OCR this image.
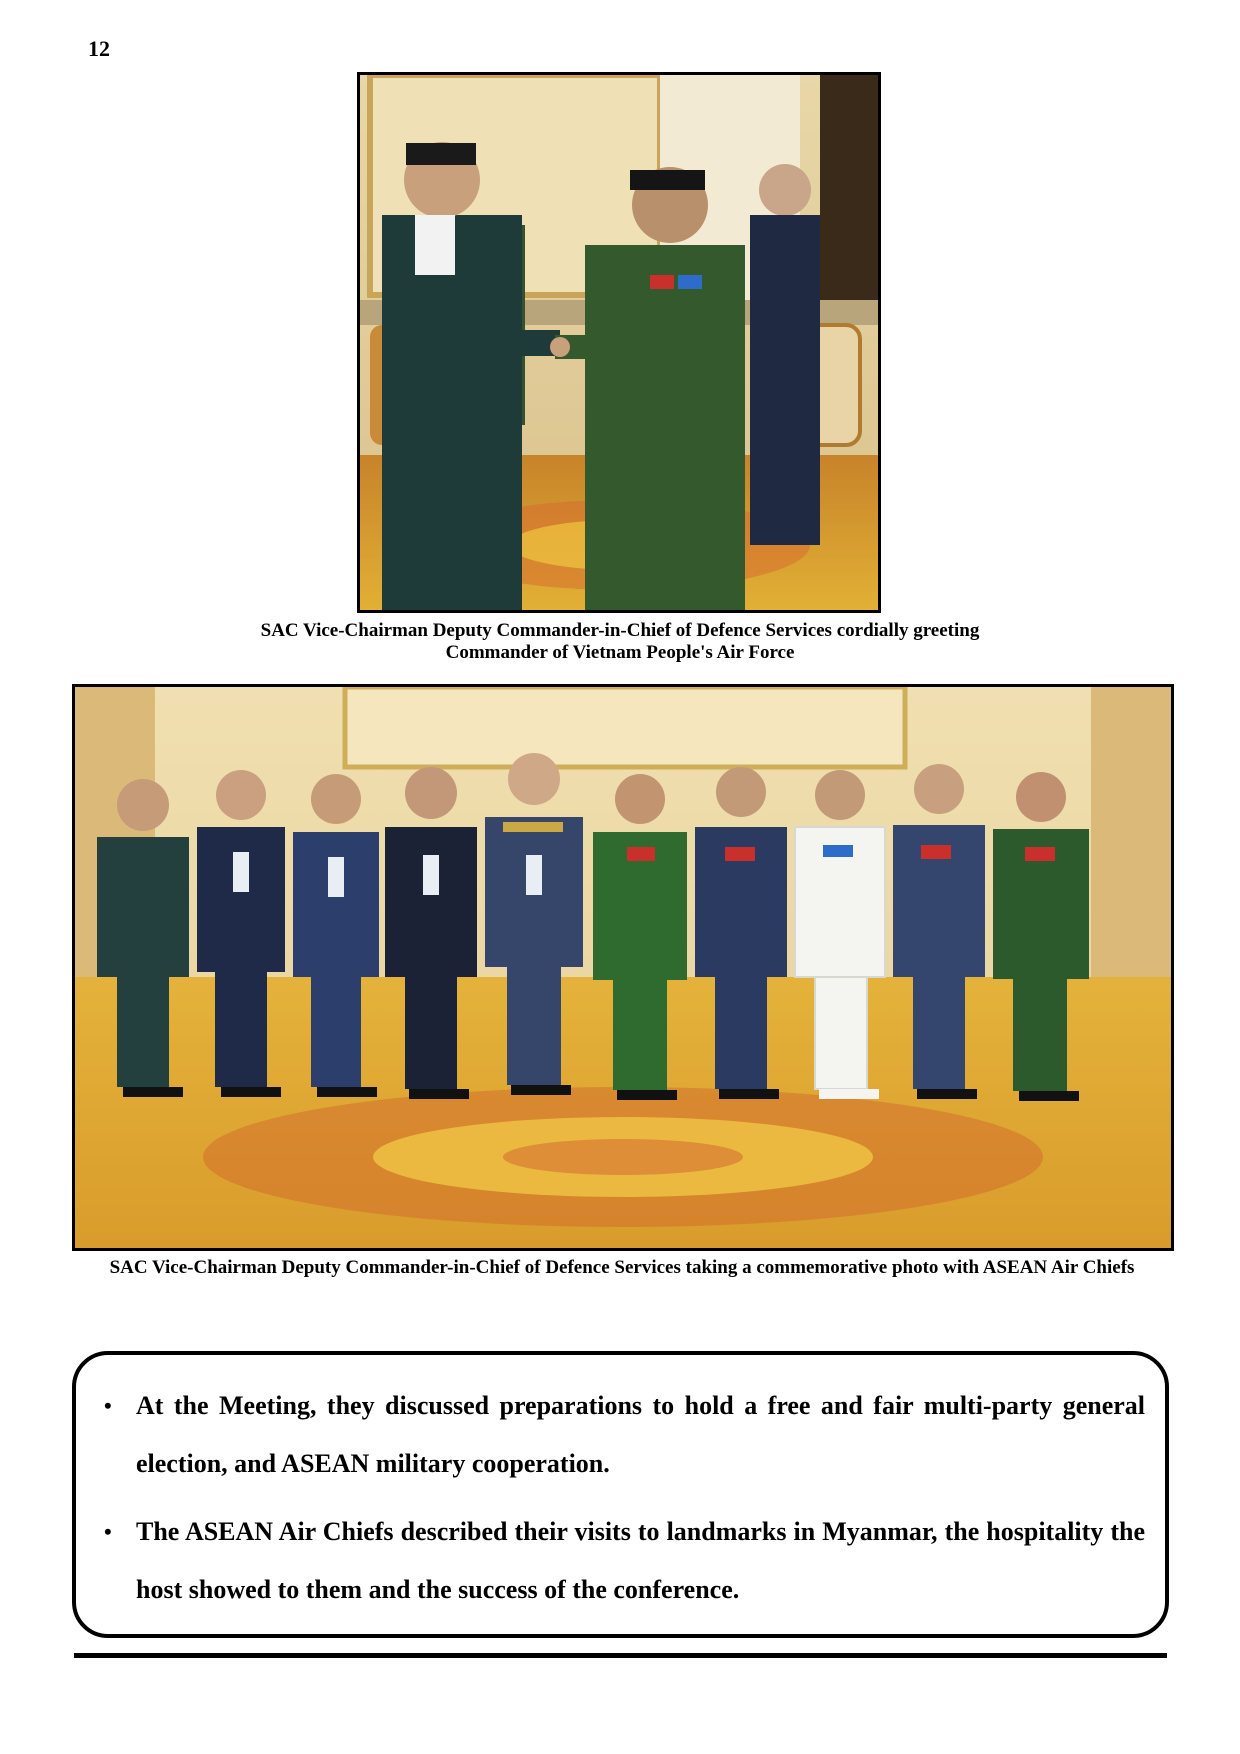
12
SAC Vice-Chairman Deputy Commander-in-Chief of Defence Services cordially greeting Commander of Vietnam People's Air Force
SAC Vice-Chairman Deputy Commander-in-Chief of Defence Services taking a commemorative photo with ASEAN Air Chiefs
• At the Meeting, they discussed preparations to hold a free and fair multi-party general election, and ASEAN military cooperation.
• The ASEAN Air Chiefs described their visits to landmarks in Myanmar, the hospitality the host showed to them and the success of the conference.
